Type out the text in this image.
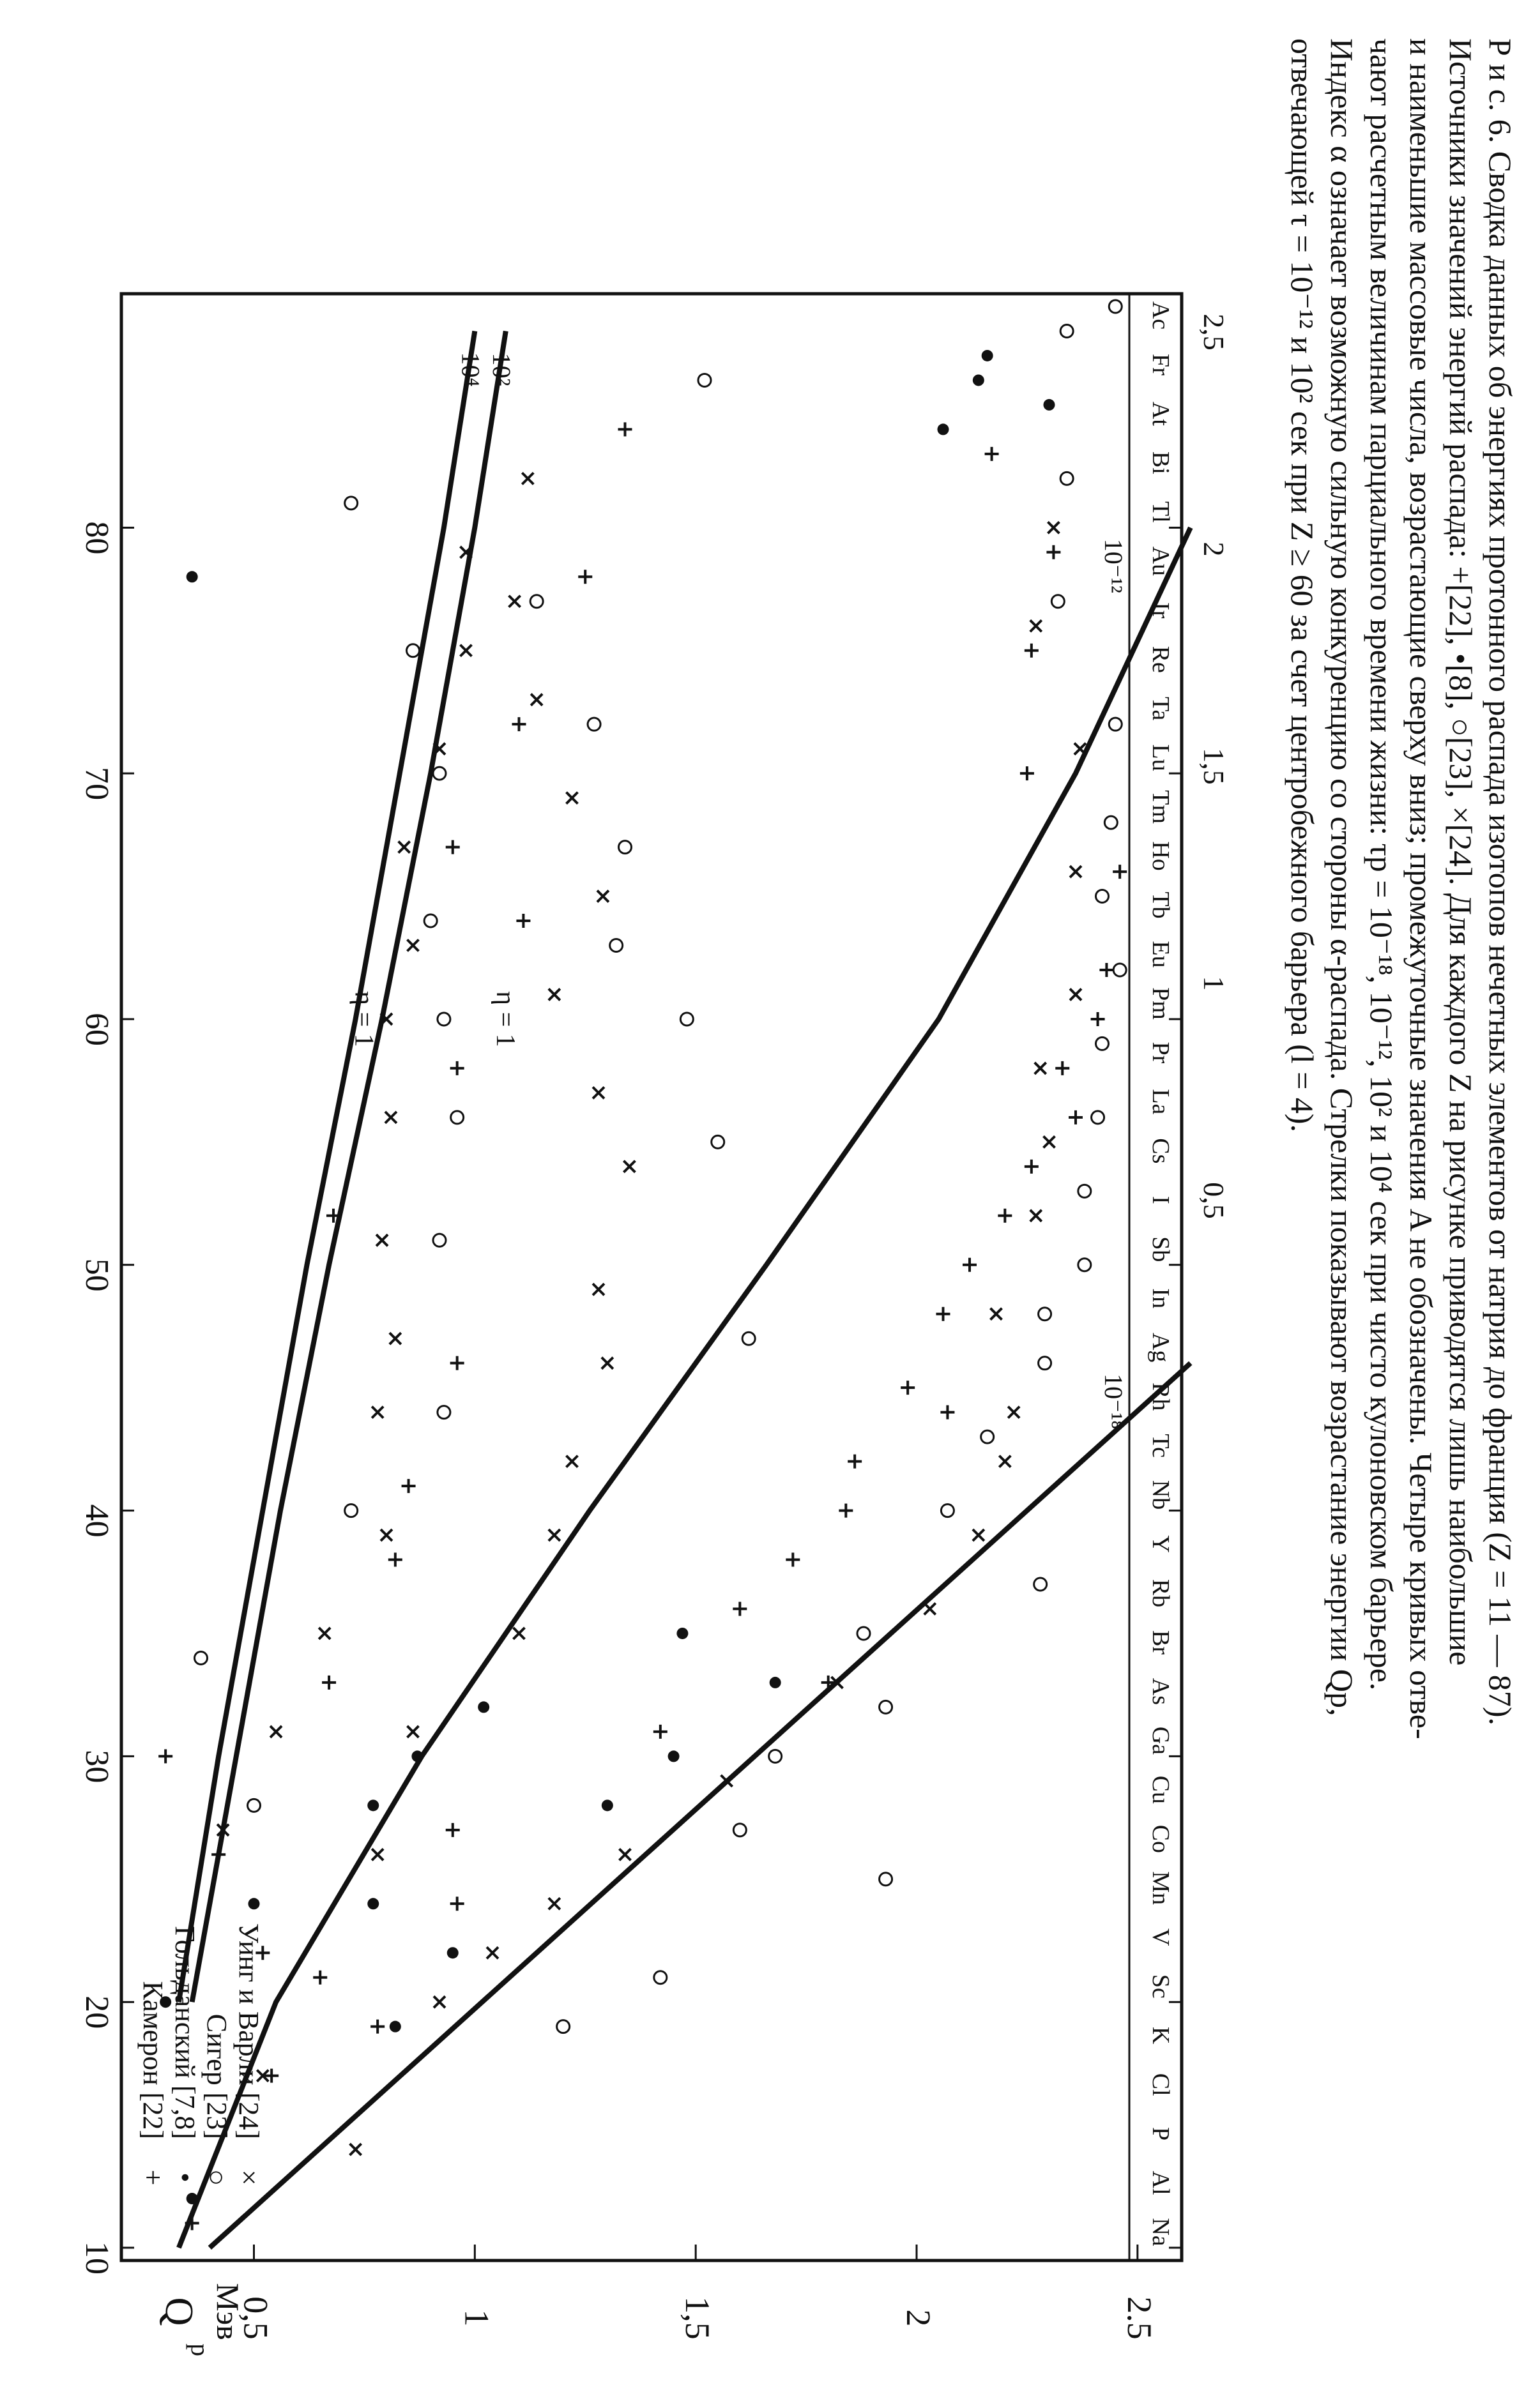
Na
Al
P
Cl
K
Sc
V
Mn
Co
Cu
Ga
As
Br
Rb
Y
Nb
Tc
Rh
Ag
In
Sb
I
Cs
La
Pr
Pm
Eu
Tb
Ho
Tm
Lu
Ta
Re
Ir
Au
Tl
Bi
At
Fr
Ac
10⁻¹⁸
10⁻¹²
10²
10⁴
η = 1
η = 1
10
20
30
40
50
60
70
80
2.5
2
1,5
1
0,5
2,5
2
1,5
1
0,5
Q
p
Мэв
+
Камерон [22]
•
Гольданский [7,8]
○
Сигер [23]
×
Уинг и Варли [24]
Р и с. 6. Сводка данных об энергиях протонного распада изотопов нечетных элементов от натрия до франция (Z = 11 — 87).
Источники значений энергий распада: +[22], •[8], ○[23], ×[24]. Для каждого Z на рисунке приводятся лишь наибольшие
и наименьшие массовые числа, возрастающие сверху вниз; промежуточные значения A не обозначены. Четыре кривых отве-
чают расчетным величинам парциального времени жизни: τp = 10⁻¹⁸, 10⁻¹², 10² и 10⁴ сек при чисто кулоновском барьере.
Индекс α означает возможную сильную конкуренцию со стороны α-распада. Стрелки показывают возрастание энергии Qp,
отвечающей τ = 10⁻¹² и 10² сек при Z ≥ 60 за счет центробежного барьера (l = 4).
